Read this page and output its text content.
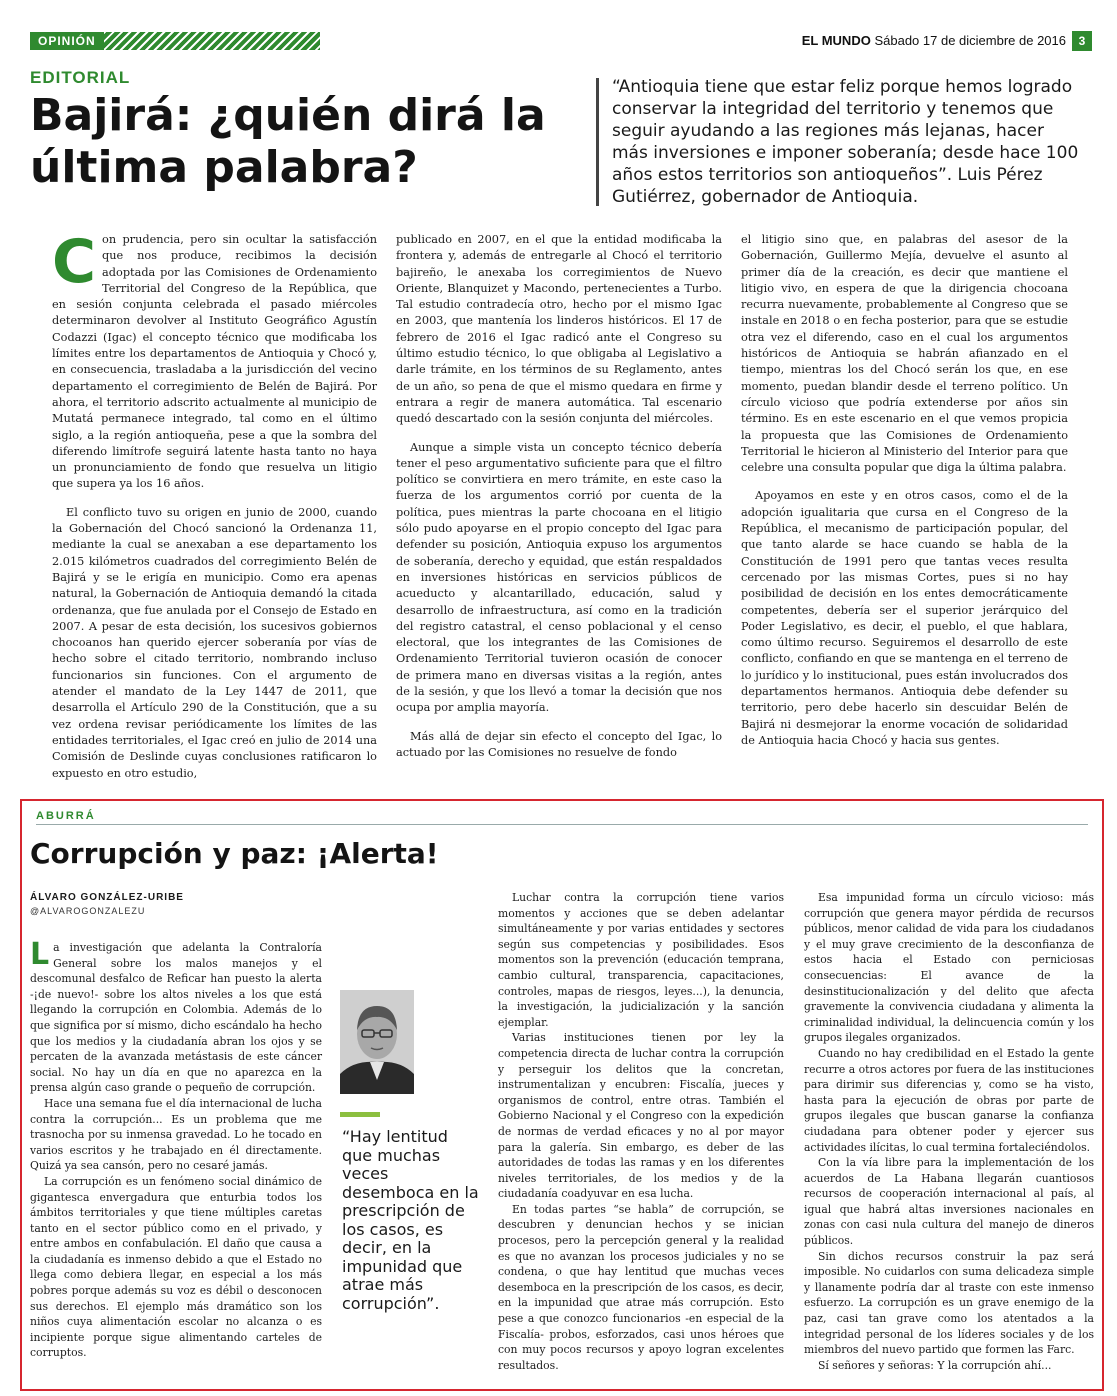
OPINIÓN	EL MUNDO Sábado 17 de diciembre de 2016	3
EDITORIAL
Bajirá: ¿quién dirá la última palabra?
“Antioquia tiene que estar feliz porque hemos logrado conservar la integridad del territorio y tenemos que seguir ayudando a las regiones más lejanas, hacer más inversiones e imponer soberanía; desde hace 100 años estos territorios son antioqueños”. Luis Pérez Gutiérrez, gobernador de Antioquia.

Con prudencia, pero sin ocultar la satisfacción que nos produce, recibimos la decisión adoptada por las Comisiones de Ordenamiento Territorial del Congreso de la República, que en sesión conjunta celebrada el pasado miércoles determinaron devolver al Instituto Geográfico Agustín Codazzi (Igac) el concepto técnico que modificaba los límites entre los departamentos de Antioquia y Chocó y, en consecuencia, trasladaba a la jurisdicción del vecino departamento el corregimiento de Belén de Bajirá. Por ahora, el territorio adscrito actualmente al municipio de Mutatá permanece integrado, tal como en el último siglo, a la región antioqueña, pese a que la sombra del diferendo limítrofe seguirá latente hasta tanto no haya un pronunciamiento de fondo que resuelva un litigio que supera ya los 16 años.

El conflicto tuvo su origen en junio de 2000, cuando la Gobernación del Chocó sancionó la Ordenanza 11, mediante la cual se anexaban a ese departamento los 2.015 kilómetros cuadrados del corregimiento Belén de Bajirá y se le erigía en municipio. Como era apenas natural, la Gobernación de Antioquia demandó la citada ordenanza, que fue anulada por el Consejo de Estado en 2007. A pesar de esta decisión, los sucesivos gobiernos chocoanos han querido ejercer soberanía por vías de hecho sobre el citado territorio, nombrando incluso funcionarios sin funciones. Con el argumento de atender el mandato de la Ley 1447 de 2011, que desarrolla el Artículo 290 de la Constitución, que a su vez ordena revisar periódicamente los límites de las entidades territoriales, el Igac creó en julio de 2014 una Comisión de Deslinde cuyas conclusiones ratificaron lo expuesto en otro estudio,

publicado en 2007, en el que la entidad modificaba la frontera y, además de entregarle al Chocó el territorio bajireño, le anexaba los corregimientos de Nuevo Oriente, Blanquizet y Macondo, pertenecientes a Turbo. Tal estudio contradecía otro, hecho por el mismo Igac en 2003, que mantenía los linderos históricos. El 17 de febrero de 2016 el Igac radicó ante el Congreso su último estudio técnico, lo que obligaba al Legislativo a darle trámite, en los términos de su Reglamento, antes de un año, so pena de que el mismo quedara en firme y entrara a regir de manera automática. Tal escenario quedó descartado con la sesión conjunta del miércoles.

Aunque a simple vista un concepto técnico debería tener el peso argumentativo suficiente para que el filtro político se convirtiera en mero trámite, en este caso la fuerza de los argumentos corrió por cuenta de la política, pues mientras la parte chocoana en el litigio sólo pudo apoyarse en el propio concepto del Igac para defender su posición, Antioquia expuso los argumentos de soberanía, derecho y equidad, que están respaldados en inversiones históricas en servicios públicos de acueducto y alcantarillado, educación, salud y desarrollo de infraestructura, así como en la tradición del registro catastral, el censo poblacional y el censo electoral, que los integrantes de las Comisiones de Ordenamiento Territorial tuvieron ocasión de conocer de primera mano en diversas visitas a la región, antes de la sesión, y que los llevó a tomar la decisión que nos ocupa por amplia mayoría.

Más allá de dejar sin efecto el concepto del Igac, lo actuado por las Comisiones no resuelve de fondo

el litigio sino que, en palabras del asesor de la Gobernación, Guillermo Mejía, devuelve el asunto al primer día de la creación, es decir que mantiene el litigio vivo, en espera de que la dirigencia chocoana recurra nuevamente, probablemente al Congreso que se instale en 2018 o en fecha posterior, para que se estudie otra vez el diferendo, caso en el cual los argumentos históricos de Antioquia se habrán afianzado en el tiempo, mientras los del Chocó serán los que, en ese momento, puedan blandir desde el terreno político. Un círculo vicioso que podría extenderse por años sin término. Es en este escenario en el que vemos propicia la propuesta que las Comisiones de Ordenamiento Territorial le hicieron al Ministerio del Interior para que celebre una consulta popular que diga la última palabra.

Apoyamos en este y en otros casos, como el de la adopción igualitaria que cursa en el Congreso de la República, el mecanismo de participación popular, del que tanto alarde se hace cuando se habla de la Constitución de 1991 pero que tantas veces resulta cercenado por las mismas Cortes, pues si no hay posibilidad de decisión en los entes democráticamente competentes, debería ser el superior jerárquico del Poder Legislativo, es decir, el pueblo, el que hablara, como último recurso. Seguiremos el desarrollo de este conflicto, confiando en que se mantenga en el terreno de lo jurídico y lo institucional, pues están involucrados dos departamentos hermanos. Antioquia debe defender su territorio, pero debe hacerlo sin descuidar Belén de Bajirá ni desmejorar la enorme vocación de solidaridad de Antioquia hacia Chocó y hacia sus gentes.

ABURRÁ
Corrupción y paz: ¡Alerta!
ÁLVARO GONZÁLEZ-URIBE
@ALVAROGONZALEZU

La investigación que adelanta la Contraloría General sobre los malos manejos y el descomunal desfalco de Reficar han puesto la alerta -¡de nuevo!- sobre los altos niveles a los que está llegando la corrupción en Colombia. Además de lo que significa por sí mismo, dicho escándalo ha hecho que los medios y la ciudadanía abran los ojos y se percaten de la avanzada metástasis de este cáncer social. No hay un día en que no aparezca en la prensa algún caso grande o pequeño de corrupción.

Hace una semana fue el día internacional de lucha contra la corrupción... Es un problema que me trasnocha por su inmensa gravedad. Lo he tocado en varios escritos y he trabajado en él directamente. Quizá ya sea cansón, pero no cesaré jamás.

La corrupción es un fenómeno social dinámico de gigantesca envergadura que enturbia todos los ámbitos territoriales y que tiene múltiples caretas tanto en el sector público como en el privado, y entre ambos en confabulación. El daño que causa a la ciudadanía es inmenso debido a que el Estado no llega como debiera llegar, en especial a los más pobres porque además su voz es débil o desconocen sus derechos. El ejemplo más dramático son los niños cuya alimentación escolar no alcanza o es incipiente porque sigue alimentando carteles de corruptos.

“Hay lentitud que muchas veces desemboca en la prescripción de los casos, es decir, en la impunidad que atrae más corrupción”.

Luchar contra la corrupción tiene varios momentos y acciones que se deben adelantar simultáneamente y por varias entidades y sectores según sus competencias y posibilidades. Esos momentos son la prevención (educación temprana, cambio cultural, transparencia, capacitaciones, controles, mapas de riesgos, leyes...), la denuncia, la investigación, la judicialización y la sanción ejemplar.

Varias instituciones tienen por ley la competencia directa de luchar contra la corrupción y perseguir los delitos que la concretan, instrumentalizan y encubren: Fiscalía, jueces y organismos de control, entre otras. También el Gobierno Nacional y el Congreso con la expedición de normas de verdad eficaces y no al por mayor para la galería. Sin embargo, es deber de las autoridades de todas las ramas y en los diferentes niveles territoriales, de los medios y de la ciudadanía coadyuvar en esa lucha.

En todas partes “se habla” de corrupción, se descubren y denuncian hechos y se inician procesos, pero la percepción general y la realidad es que no avanzan los procesos judiciales y no se condena, o que hay lentitud que muchas veces desemboca en la prescripción de los casos, es decir, en la impunidad que atrae más corrupción. Esto pese a que conozco funcionarios -en especial de la Fiscalía- probos, esforzados, casi unos héroes que con muy pocos recursos y apoyo logran excelentes resultados.

Esa impunidad forma un círculo vicioso: más corrupción que genera mayor pérdida de recursos públicos, menor calidad de vida para los ciudadanos y el muy grave crecimiento de la desconfianza de estos hacia el Estado con perniciosas consecuencias: El avance de la desinstitucionalización y del delito que afecta gravemente la convivencia ciudadana y alimenta la criminalidad individual, la delincuencia común y los grupos ilegales organizados.

Cuando no hay credibilidad en el Estado la gente recurre a otros actores por fuera de las instituciones para dirimir sus diferencias y, como se ha visto, hasta para la ejecución de obras por parte de grupos ilegales que buscan ganarse la confianza ciudadana para obtener poder y ejercer sus actividades ilícitas, lo cual termina fortaleciéndolos.

Con la vía libre para la implementación de los acuerdos de La Habana llegarán cuantiosos recursos de cooperación internacional al país, al igual que habrá altas inversiones nacionales en zonas con casi nula cultura del manejo de dineros públicos.

Sin dichos recursos construir la paz será imposible. No cuidarlos con suma delicadeza simple y llanamente podría dar al traste con este inmenso esfuerzo. La corrupción es un grave enemigo de la paz, casi tan grave como los atentados a la integridad personal de los líderes sociales y de los miembros del nuevo partido que formen las Farc.

Sí señores y señoras: Y la corrupción ahí...
